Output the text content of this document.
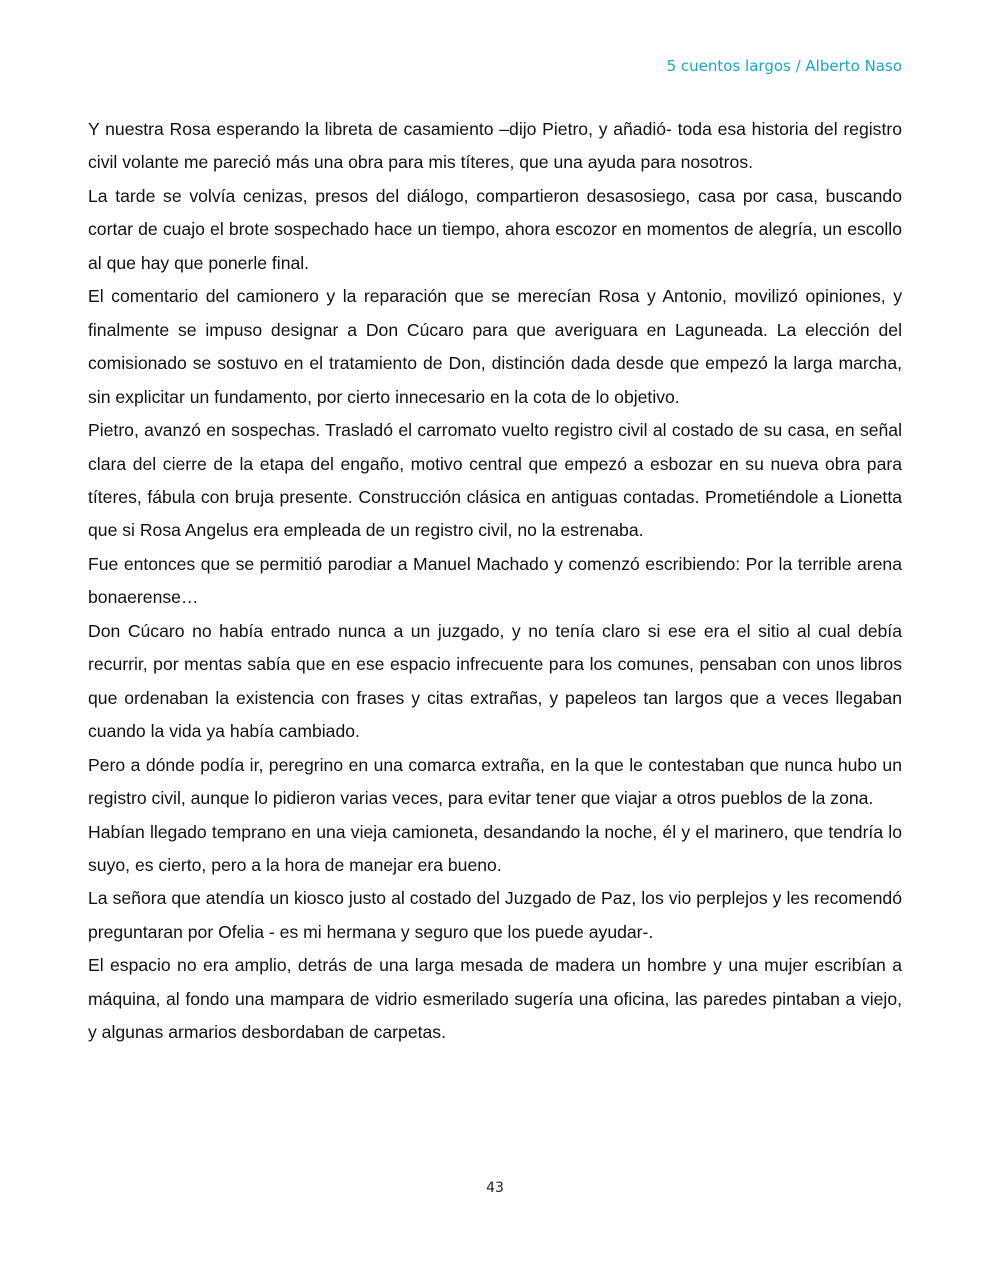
5 cuentos largos / Alberto Naso

Y nuestra Rosa esperando la libreta de casamiento –dijo Pietro, y añadió- toda esa historia del registro civil volante me pareció más una obra para mis títeres, que una ayuda para nosotros.

La tarde se volvía cenizas, presos del diálogo, compartieron desasosiego, casa por casa, buscando cortar de cuajo el brote sospechado hace un tiempo, ahora escozor en momentos de alegría, un escollo al que hay que ponerle final.

El comentario del camionero y la reparación que se merecían Rosa y Antonio, movilizó opiniones, y finalmente se impuso designar a Don Cúcaro para que averiguara en Laguneada. La elección del comisionado se sostuvo en el tratamiento de Don, distinción dada desde que empezó la larga marcha, sin explicitar un fundamento, por cierto innecesario en la cota de lo objetivo.

Pietro, avanzó en sospechas. Trasladó el carromato vuelto registro civil al costado de su casa, en señal clara del cierre de la etapa del engaño, motivo central que empezó a esbozar en su nueva obra para títeres, fábula con bruja presente. Construcción clásica en antiguas contadas. Prometiéndole a Lionetta que si Rosa Angelus era empleada de un registro civil, no la estrenaba.

Fue entonces que se permitió parodiar a Manuel Machado y comenzó escribiendo: Por la terrible arena bonaerense…

Don Cúcaro no había entrado nunca a un juzgado, y no tenía claro si ese era el sitio al cual debía recurrir, por mentas sabía que en ese espacio infrecuente para los comunes, pensaban con unos libros que ordenaban la existencia con frases y citas extrañas, y papeleos tan largos que a veces llegaban cuando la vida ya había cambiado.

Pero a dónde podía ir, peregrino en una comarca extraña, en la que le contestaban que nunca hubo un registro civil, aunque lo pidieron varias veces, para evitar tener que viajar a otros pueblos de la zona.

Habían llegado temprano en una vieja camioneta, desandando la noche, él y el marinero, que tendría lo suyo, es cierto, pero a la hora de manejar era bueno.

La señora que atendía un kiosco justo al costado del Juzgado de Paz, los vio perplejos y les recomendó preguntaran por Ofelia - es mi hermana y seguro que los puede ayudar-.

El espacio no era amplio, detrás de una larga mesada de madera un hombre y una mujer escribían a máquina, al fondo una mampara de vidrio esmerilado sugería una oficina, las paredes pintaban a viejo, y algunas armarios desbordaban de carpetas.

43
